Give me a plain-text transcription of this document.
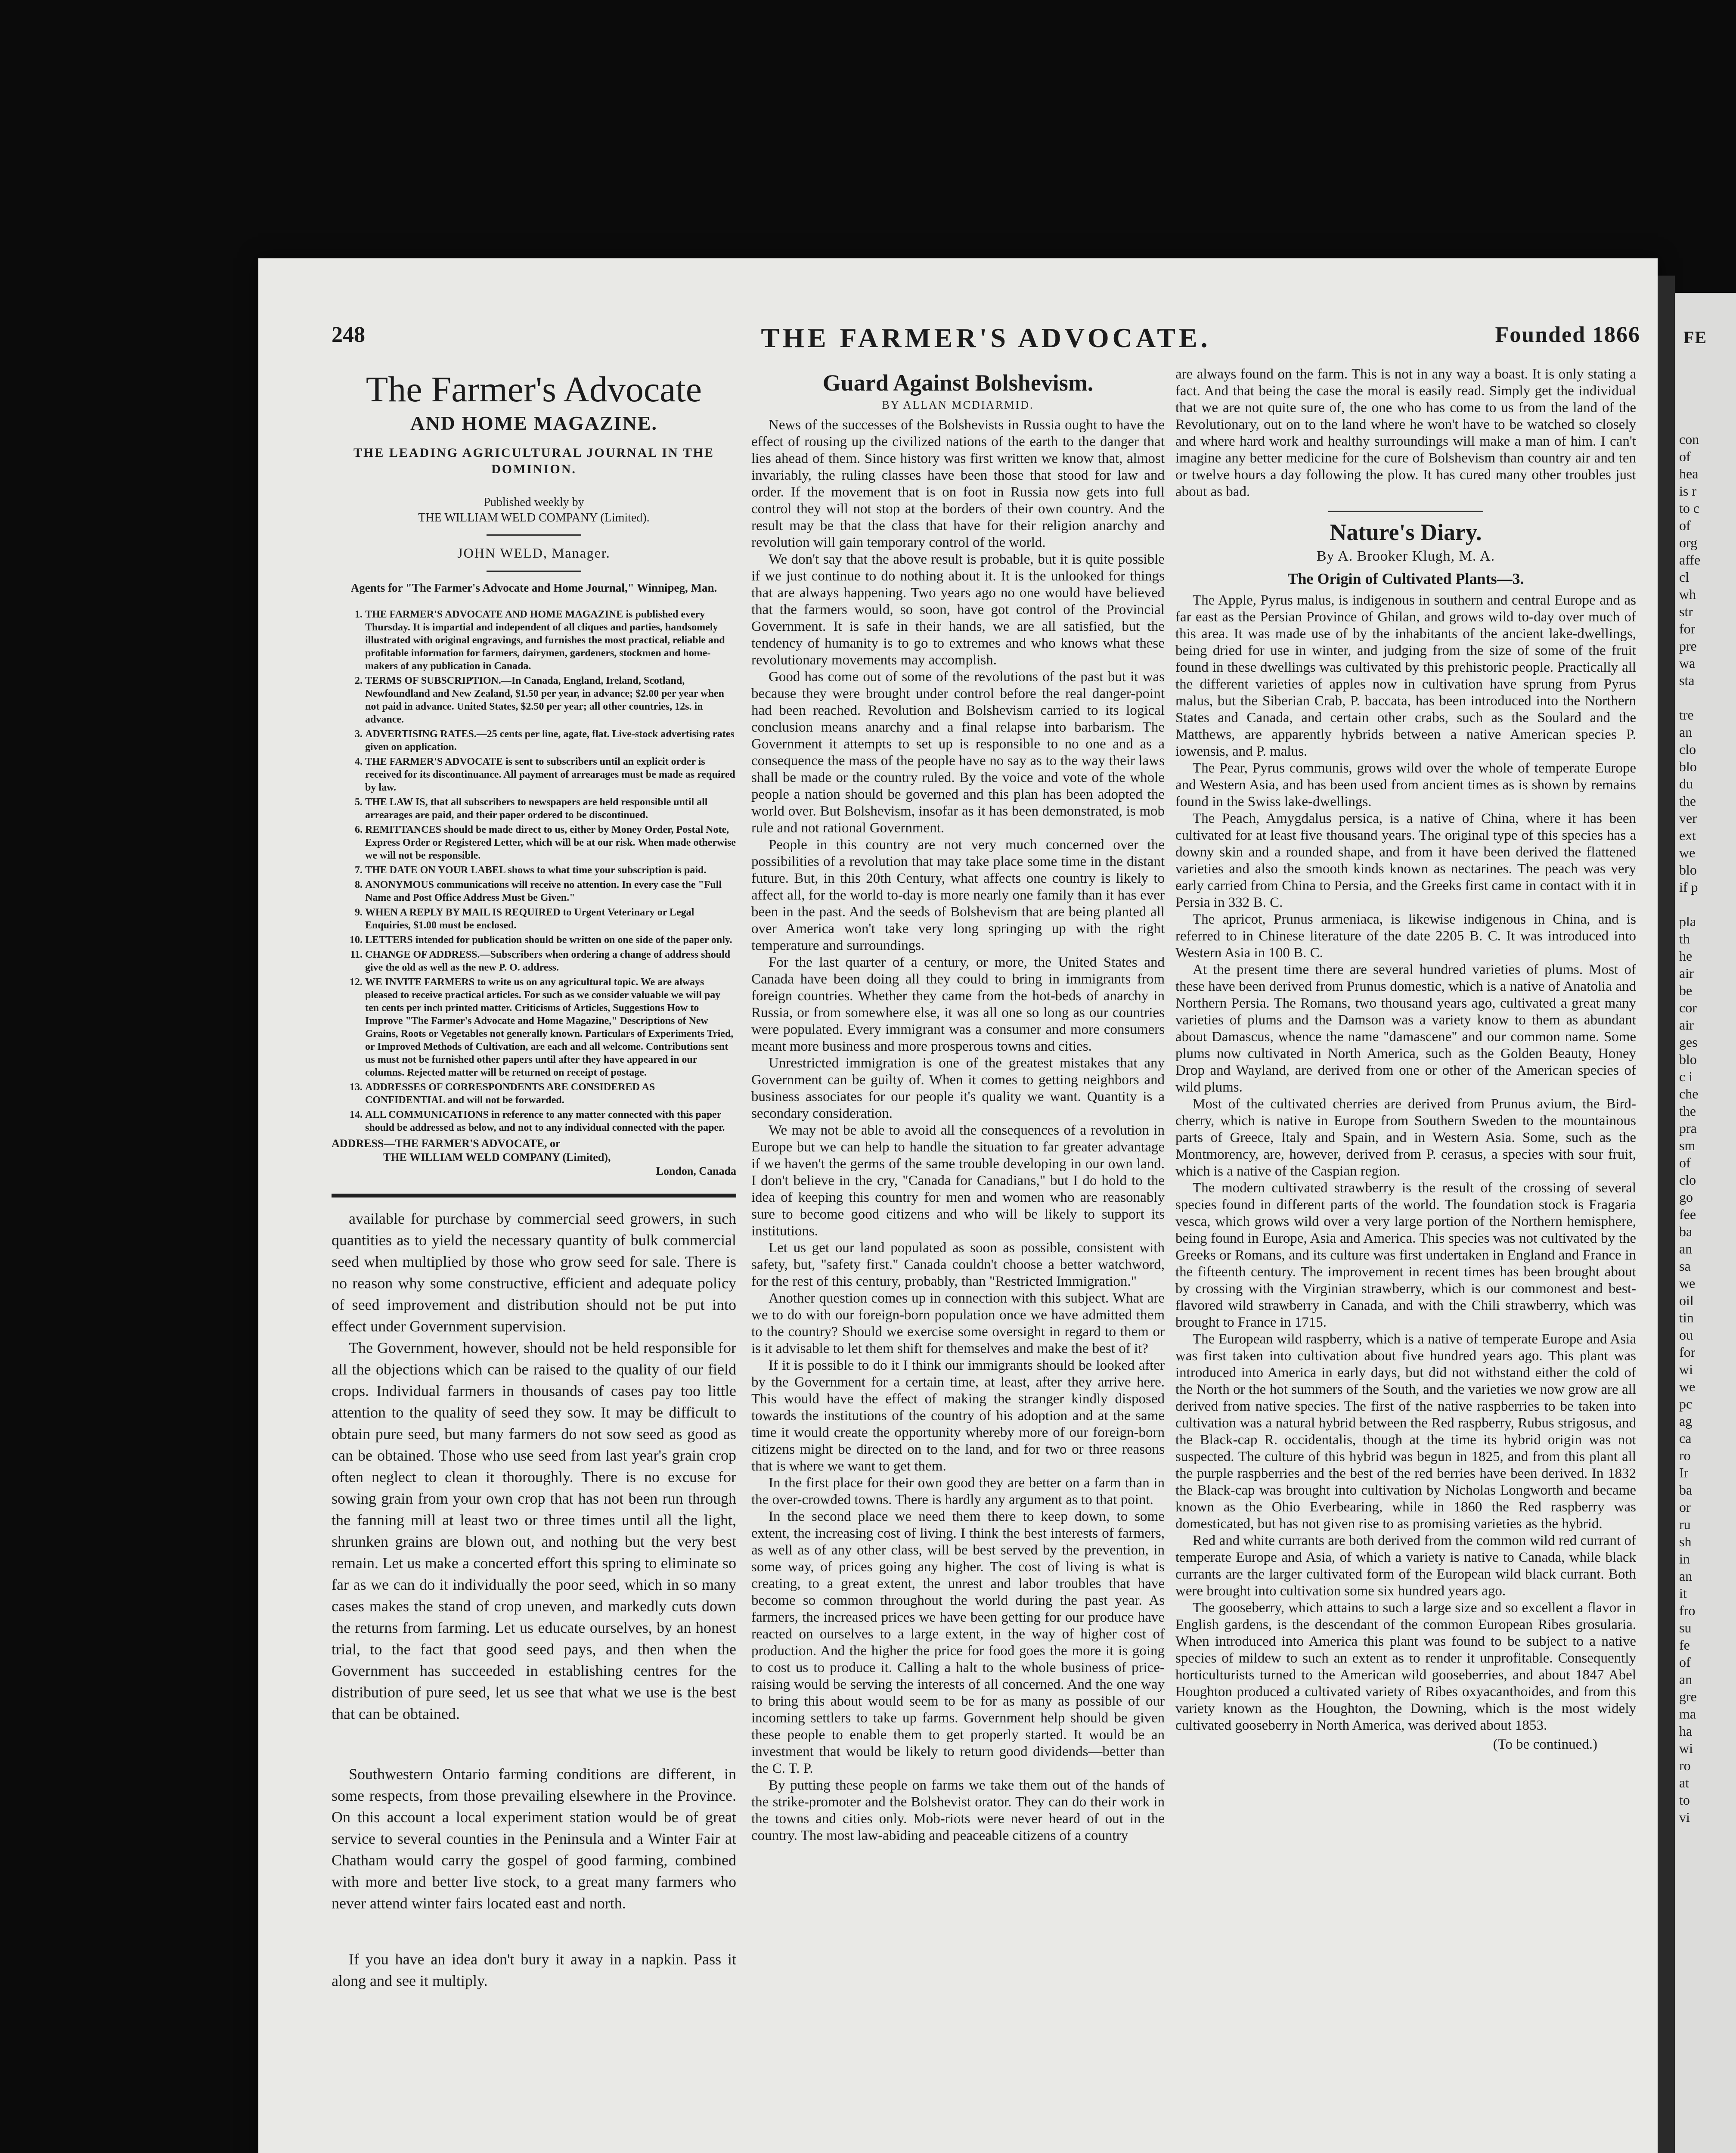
FE

con
of
hea
is r
to c
of
org
affe
cl
wh
str
for
pre
wa
sta

tre
an
clo
blo
du
the
ver
ext
we
blo
if p

pla
th
he
air
be
cor
air
ges
blo
c i
che
the
pra
sm
of
clo
go
fee
ba
an
sa
we
oil
tin
ou
for
wi
we
pc
ag
ca
ro
Ir
ba
or
ru
sh
in
an
it
fro
su
fe
of
an
gre
ma
ha
wi
ro
at
to
vi
THE FARMER'S ADVOCATE.
248	Founded 1866
The Farmer's Advocate
AND HOME MAGAZINE.
THE LEADING AGRICULTURAL JOURNAL IN THE DOMINION.
Published weekly by
THE WILLIAM WELD COMPANY (Limited).
JOHN WELD, Manager.
Agents for "The Farmer's Advocate and Home Journal," Winnipeg, Man.
1. THE FARMER'S ADVOCATE AND HOME MAGAZINE is published every Thursday. It is impartial and independent of all cliques and parties, handsomely illustrated with original engravings, and furnishes the most practical, reliable and profitable information for farmers, dairymen, gardeners, stockmen and home-makers of any publication in Canada.
2. TERMS OF SUBSCRIPTION.—In Canada, England, Ireland, Scotland, Newfoundland and New Zealand, $1.50 per year, in advance; $2.00 per year when not paid in advance. United States, $2.50 per year; all other countries, 12s. in advance.
3. ADVERTISING RATES.—25 cents per line, agate, flat. Live-stock advertising rates given on application.
4. THE FARMER'S ADVOCATE is sent to subscribers until an explicit order is received for its discontinuance. All payment of arrearages must be made as required by law.
5. THE LAW IS, that all subscribers to newspapers are held responsible until all arrearages are paid, and their paper ordered to be discontinued.
6. REMITTANCES should be made direct to us, either by Money Order, Postal Note, Express Order or Registered Letter, which will be at our risk. When made otherwise we will not be responsible.
7. THE DATE ON YOUR LABEL shows to what time your subscription is paid.
8. ANONYMOUS communications will receive no attention. In every case the "Full Name and Post Office Address Must be Given."
9. WHEN A REPLY BY MAIL IS REQUIRED to Urgent Veterinary or Legal Enquiries, $1.00 must be enclosed.
10. LETTERS intended for publication should be written on one side of the paper only.
11. CHANGE OF ADDRESS.—Subscribers when ordering a change of address should give the old as well as the new P. O. address.
12. WE INVITE FARMERS to write us on any agricultural topic. We are always pleased to receive practical articles. For such as we consider valuable we will pay ten cents per inch printed matter. Criticisms of Articles, Suggestions How to Improve "The Farmer's Advocate and Home Magazine," Descriptions of New Grains, Roots or Vegetables not generally known. Particulars of Experiments Tried, or Improved Methods of Cultivation, are each and all welcome. Contributions sent us must not be furnished other papers until after they have appeared in our columns. Rejected matter will be returned on receipt of postage.
13. ADDRESSES OF CORRESPONDENTS ARE CONSIDERED AS CONFIDENTIAL and will not be forwarded.
14. ALL COMMUNICATIONS in reference to any matter connected with this paper should be addressed as below, and not to any individual connected with the paper.
ADDRESS—THE FARMER'S ADVOCATE, or
THE WILLIAM WELD COMPANY (Limited),
London, Canada

available for purchase by commercial seed growers, in such quantities as to yield the necessary quantity of bulk commercial seed when multiplied by those who grow seed for sale. There is no reason why some constructive, efficient and adequate policy of seed improvement and distribution should not be put into effect under Government supervision.

The Government, however, should not be held responsible for all the objections which can be raised to the quality of our field crops. Individual farmers in thousands of cases pay too little attention to the quality of seed they sow. It may be difficult to obtain pure seed, but many farmers do not sow seed as good as can be obtained. Those who use seed from last year's grain crop often neglect to clean it thoroughly. There is no excuse for sowing grain from your own crop that has not been run through the fanning mill at least two or three times until all the light, shrunken grains are blown out, and nothing but the very best remain. Let us make a concerted effort this spring to eliminate so far as we can do it individually the poor seed, which in so many cases makes the stand of crop uneven, and markedly cuts down the returns from farming. Let us educate ourselves, by an honest trial, to the fact that good seed pays, and then when the Government has succeeded in establishing centres for the distribution of pure seed, let us see that what we use is the best that can be obtained.

Southwestern Ontario farming conditions are different, in some respects, from those prevailing elsewhere in the Province. On this account a local experiment station would be of great service to several counties in the Peninsula and a Winter Fair at Chatham would carry the gospel of good farming, combined with more and better live stock, to a great many farmers who never attend winter fairs located east and north.

If you have an idea don't bury it away in a napkin. Pass it along and see it multiply.

Guard Against Bolshevism.
BY ALLAN MCDIARMID.

News of the successes of the Bolshevists in Russia ought to have the effect of rousing up the civilized nations of the earth to the danger that lies ahead of them. Since history was first written we know that, almost invariably, the ruling classes have been those that stood for law and order. If the movement that is on foot in Russia now gets into full control they will not stop at the borders of their own country. And the result may be that the class that have for their religion anarchy and revolution will gain temporary control of the world.

We don't say that the above result is probable, but it is quite possible if we just continue to do nothing about it. It is the unlooked for things that are always happening. Two years ago no one would have believed that the farmers would, so soon, have got control of the Provincial Government. It is safe in their hands, we are all satisfied, but the tendency of humanity is to go to extremes and who knows what these revolutionary movements may accomplish.

Good has come out of some of the revolutions of the past but it was because they were brought under control before the real danger-point had been reached. Revolution and Bolshevism carried to its logical conclusion means anarchy and a final relapse into barbarism. The Government it attempts to set up is responsible to no one and as a consequence the mass of the people have no say as to the way their laws shall be made or the country ruled. By the voice and vote of the whole people a nation should be governed and this plan has been adopted the world over. But Bolshevism, insofar as it has been demonstrated, is mob rule and not rational Government.

People in this country are not very much concerned over the possibilities of a revolution that may take place some time in the distant future. But, in this 20th Century, what affects one country is likely to affect all, for the world to-day is more nearly one family than it has ever been in the past. And the seeds of Bolshevism that are being planted all over America won't take very long springing up with the right temperature and surroundings.

For the last quarter of a century, or more, the United States and Canada have been doing all they could to bring in immigrants from foreign countries. Whether they came from the hot-beds of anarchy in Russia, or from somewhere else, it was all one so long as our countries were populated. Every immigrant was a consumer and more consumers meant more business and more prosperous towns and cities.

Unrestricted immigration is one of the greatest mistakes that any Government can be guilty of. When it comes to getting neighbors and business associates for our people it's quality we want. Quantity is a secondary consideration.

We may not be able to avoid all the consequences of a revolution in Europe but we can help to handle the situation to far greater advantage if we haven't the germs of the same trouble developing in our own land. I don't believe in the cry, "Canada for Canadians," but I do hold to the idea of keeping this country for men and women who are reasonably sure to become good citizens and who will be likely to support its institutions.

Let us get our land populated as soon as possible, consistent with safety, but, "safety first." Canada couldn't choose a better watchword, for the rest of this century, probably, than "Restricted Immigration."

Another question comes up in connection with this subject. What are we to do with our foreign-born population once we have admitted them to the country? Should we exercise some oversight in regard to them or is it advisable to let them shift for themselves and make the best of it?

If it is possible to do it I think our immigrants should be looked after by the Government for a certain time, at least, after they arrive here. This would have the effect of making the stranger kindly disposed towards the institutions of the country of his adoption and at the same time it would create the opportunity whereby more of our foreign-born citizens might be directed on to the land, and for two or three reasons that is where we want to get them.

In the first place for their own good they are better on a farm than in the over-crowded towns. There is hardly any argument as to that point.

In the second place we need them there to keep down, to some extent, the increasing cost of living. I think the best interests of farmers, as well as of any other class, will be best served by the prevention, in some way, of prices going any higher. The cost of living is what is creating, to a great extent, the unrest and labor troubles that have become so common throughout the world during the past year. As farmers, the increased prices we have been getting for our produce have reacted on ourselves to a large extent, in the way of higher cost of production. And the higher the price for food goes the more it is going to cost us to produce it. Calling a halt to the whole business of price-raising would be serving the interests of all concerned. And the one way to bring this about would seem to be for as many as possible of our incoming settlers to take up farms. Government help should be given these people to enable them to get properly started. It would be an investment that would be likely to return good dividends—better than the C. T. P.

By putting these people on farms we take them out of the hands of the strike-promoter and the Bolshevist orator. They can do their work in the towns and cities only. Mob-riots were never heard of out in the country. The most law-abiding and peaceable citizens of a country

are always found on the farm. This is not in any way a boast. It is only stating a fact. And that being the case the moral is easily read. Simply get the individual that we are not quite sure of, the one who has come to us from the land of the Revolutionary, out on to the land where he won't have to be watched so closely and where hard work and healthy surroundings will make a man of him. I can't imagine any better medicine for the cure of Bolshevism than country air and ten or twelve hours a day following the plow. It has cured many other troubles just about as bad.

Nature's Diary.
By A. Brooker Klugh, M. A.
The Origin of Cultivated Plants—3.

The Apple, Pyrus malus, is indigenous in southern and central Europe and as far east as the Persian Province of Ghilan, and grows wild to-day over much of this area. It was made use of by the inhabitants of the ancient lake-dwellings, being dried for use in winter, and judging from the size of some of the fruit found in these dwellings was cultivated by this prehistoric people. Practically all the different varieties of apples now in cultivation have sprung from Pyrus malus, but the Siberian Crab, P. baccata, has been introduced into the Northern States and Canada, and certain other crabs, such as the Soulard and the Matthews, are apparently hybrids between a native American species P. iowensis, and P. malus.

The Pear, Pyrus communis, grows wild over the whole of temperate Europe and Western Asia, and has been used from ancient times as is shown by remains found in the Swiss lake-dwellings.

The Peach, Amygdalus persica, is a native of China, where it has been cultivated for at least five thousand years. The original type of this species has a downy skin and a rounded shape, and from it have been derived the flattened varieties and also the smooth kinds known as nectarines. The peach was very early carried from China to Persia, and the Greeks first came in contact with it in Persia in 332 B. C.

The apricot, Prunus armeniaca, is likewise indigenous in China, and is referred to in Chinese literature of the date 2205 B. C. It was introduced into Western Asia in 100 B. C.

At the present time there are several hundred varieties of plums. Most of these have been derived from Prunus domestic, which is a native of Anatolia and Northern Persia. The Romans, two thousand years ago, cultivated a great many varieties of plums and the Damson was a variety know to them as abundant about Damascus, whence the name "damascene" and our common name. Some plums now cultivated in North America, such as the Golden Beauty, Honey Drop and Wayland, are derived from one or other of the American species of wild plums.

Most of the cultivated cherries are derived from Prunus avium, the Bird-cherry, which is native in Europe from Southern Sweden to the mountainous parts of Greece, Italy and Spain, and in Western Asia. Some, such as the Montmorency, are, however, derived from P. cerasus, a species with sour fruit, which is a native of the Caspian region.

The modern cultivated strawberry is the result of the crossing of several species found in different parts of the world. The foundation stock is Fragaria vesca, which grows wild over a very large portion of the Northern hemisphere, being found in Europe, Asia and America. This species was not cultivated by the Greeks or Romans, and its culture was first undertaken in England and France in the fifteenth century. The improvement in recent times has been brought about by crossing with the Virginian strawberry, which is our commonest and best-flavored wild strawberry in Canada, and with the Chili strawberry, which was brought to France in 1715.

The European wild raspberry, which is a native of temperate Europe and Asia was first taken into cultivation about five hundred years ago. This plant was introduced into America in early days, but did not withstand either the cold of the North or the hot summers of the South, and the varieties we now grow are all derived from native species. The first of the native raspberries to be taken into cultivation was a natural hybrid between the Red raspberry, Rubus strigosus, and the Black-cap R. occidentalis, though at the time its hybrid origin was not suspected. The culture of this hybrid was begun in 1825, and from this plant all the purple raspberries and the best of the red berries have been derived. In 1832 the Black-cap was brought into cultivation by Nicholas Longworth and became known as the Ohio Everbearing, while in 1860 the Red raspberry was domesticated, but has not given rise to as promising varieties as the hybrid.

Red and white currants are both derived from the common wild red currant of temperate Europe and Asia, of which a variety is native to Canada, while black currants are the larger cultivated form of the European wild black currant. Both were brought into cultivation some six hundred years ago.

The gooseberry, which attains to such a large size and so excellent a flavor in English gardens, is the descendant of the common European Ribes grosularia. When introduced into America this plant was found to be subject to a native species of mildew to such an extent as to render it unprofitable. Consequently horticulturists turned to the American wild gooseberries, and about 1847 Abel Houghton produced a cultivated variety of Ribes oxyacanthoides, and from this variety known as the Houghton, the Downing, which is the most widely cultivated gooseberry in North America, was derived about 1853.

(To be continued.)
